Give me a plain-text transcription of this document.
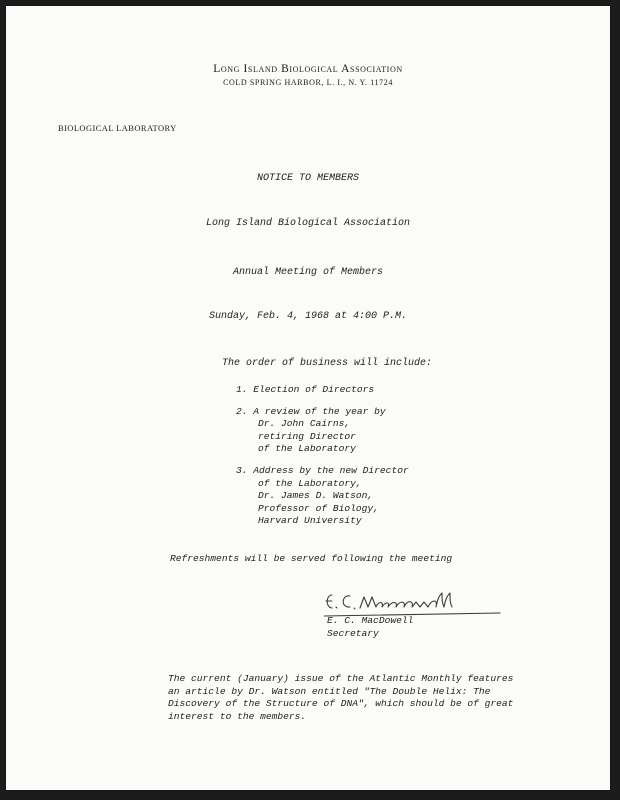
Long Island Biological Association
COLD SPRING HARBOR, L. I., N. Y. 11724
BIOLOGICAL LABORATORY
NOTICE TO MEMBERS
Long Island Biological Association
Annual Meeting of Members
Sunday, Feb. 4, 1968 at 4:00 P.M.
The order of business will include:
1. Election of Directors
2. A review of the year by
Dr. John Cairns,
retiring Director
of the Laboratory
3. Address by the new Director
of the Laboratory,
Dr. James D. Watson,
Professor of Biology,
Harvard University
Refreshments will be served following the meeting
E. C. MacDowell
Secretary
The current (January) issue of the Atlantic Monthly features
an article by Dr. Watson entitled "The Double Helix: The
Discovery of the Structure of DNA", which should be of great
interest to the members.
